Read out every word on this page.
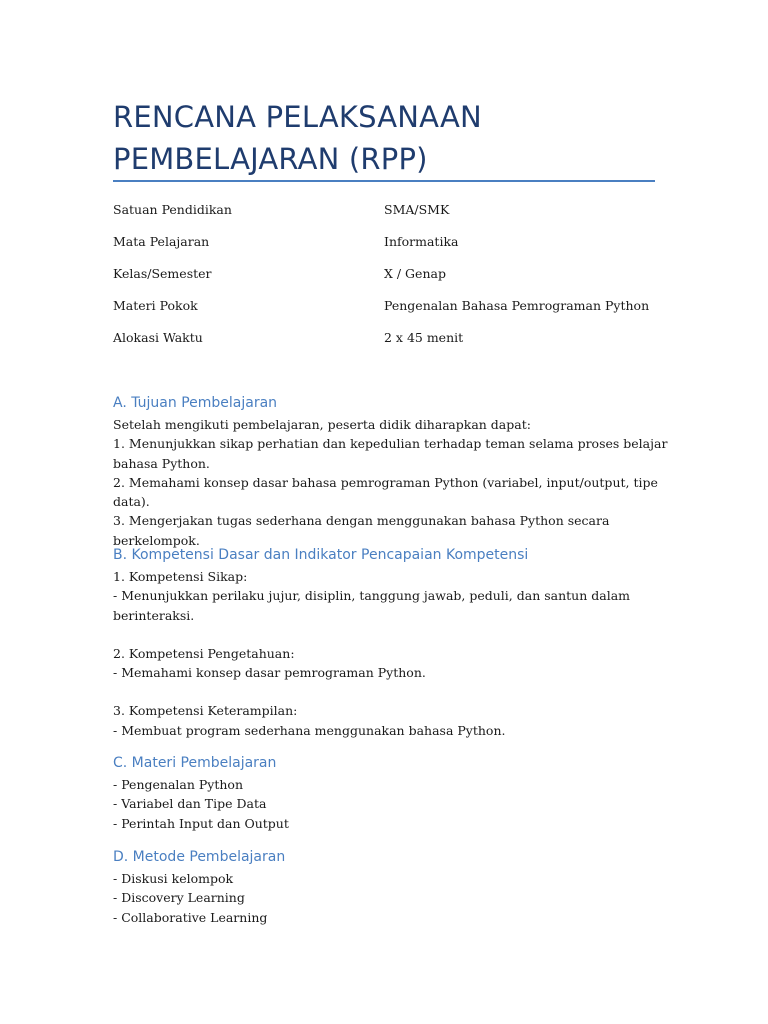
RENCANA PELAKSANAAN
PEMBELAJARAN (RPP)
Satuan Pendidikan	SMA/SMK
Mata Pelajaran	Informatika
Kelas/Semester	X / Genap
Materi Pokok	Pengenalan Bahasa Pemrograman Python
Alokasi Waktu	2 x 45 menit
A. Tujuan Pembelajaran

Setelah mengikuti pembelajaran, peserta didik diharapkan dapat:

1. Menunjukkan sikap perhatian dan kepedulian terhadap teman selama proses belajar

bahasa Python.

2. Memahami konsep dasar bahasa pemrograman Python (variabel, input/output, tipe

data).

3. Mengerjakan tugas sederhana dengan menggunakan bahasa Python secara berkelompok.

B. Kompetensi Dasar dan Indikator Pencapaian Kompetensi

1. Kompetensi Sikap:

- Menunjukkan perilaku jujur, disiplin, tanggung jawab, peduli, dan santun dalam

berinteraksi.

2. Kompetensi Pengetahuan:

- Memahami konsep dasar pemrograman Python.

3. Kompetensi Keterampilan:

- Membuat program sederhana menggunakan bahasa Python.

C. Materi Pembelajaran

- Pengenalan Python

- Variabel dan Tipe Data

- Perintah Input dan Output

D. Metode Pembelajaran

- Diskusi kelompok

- Discovery Learning

- Collaborative Learning
